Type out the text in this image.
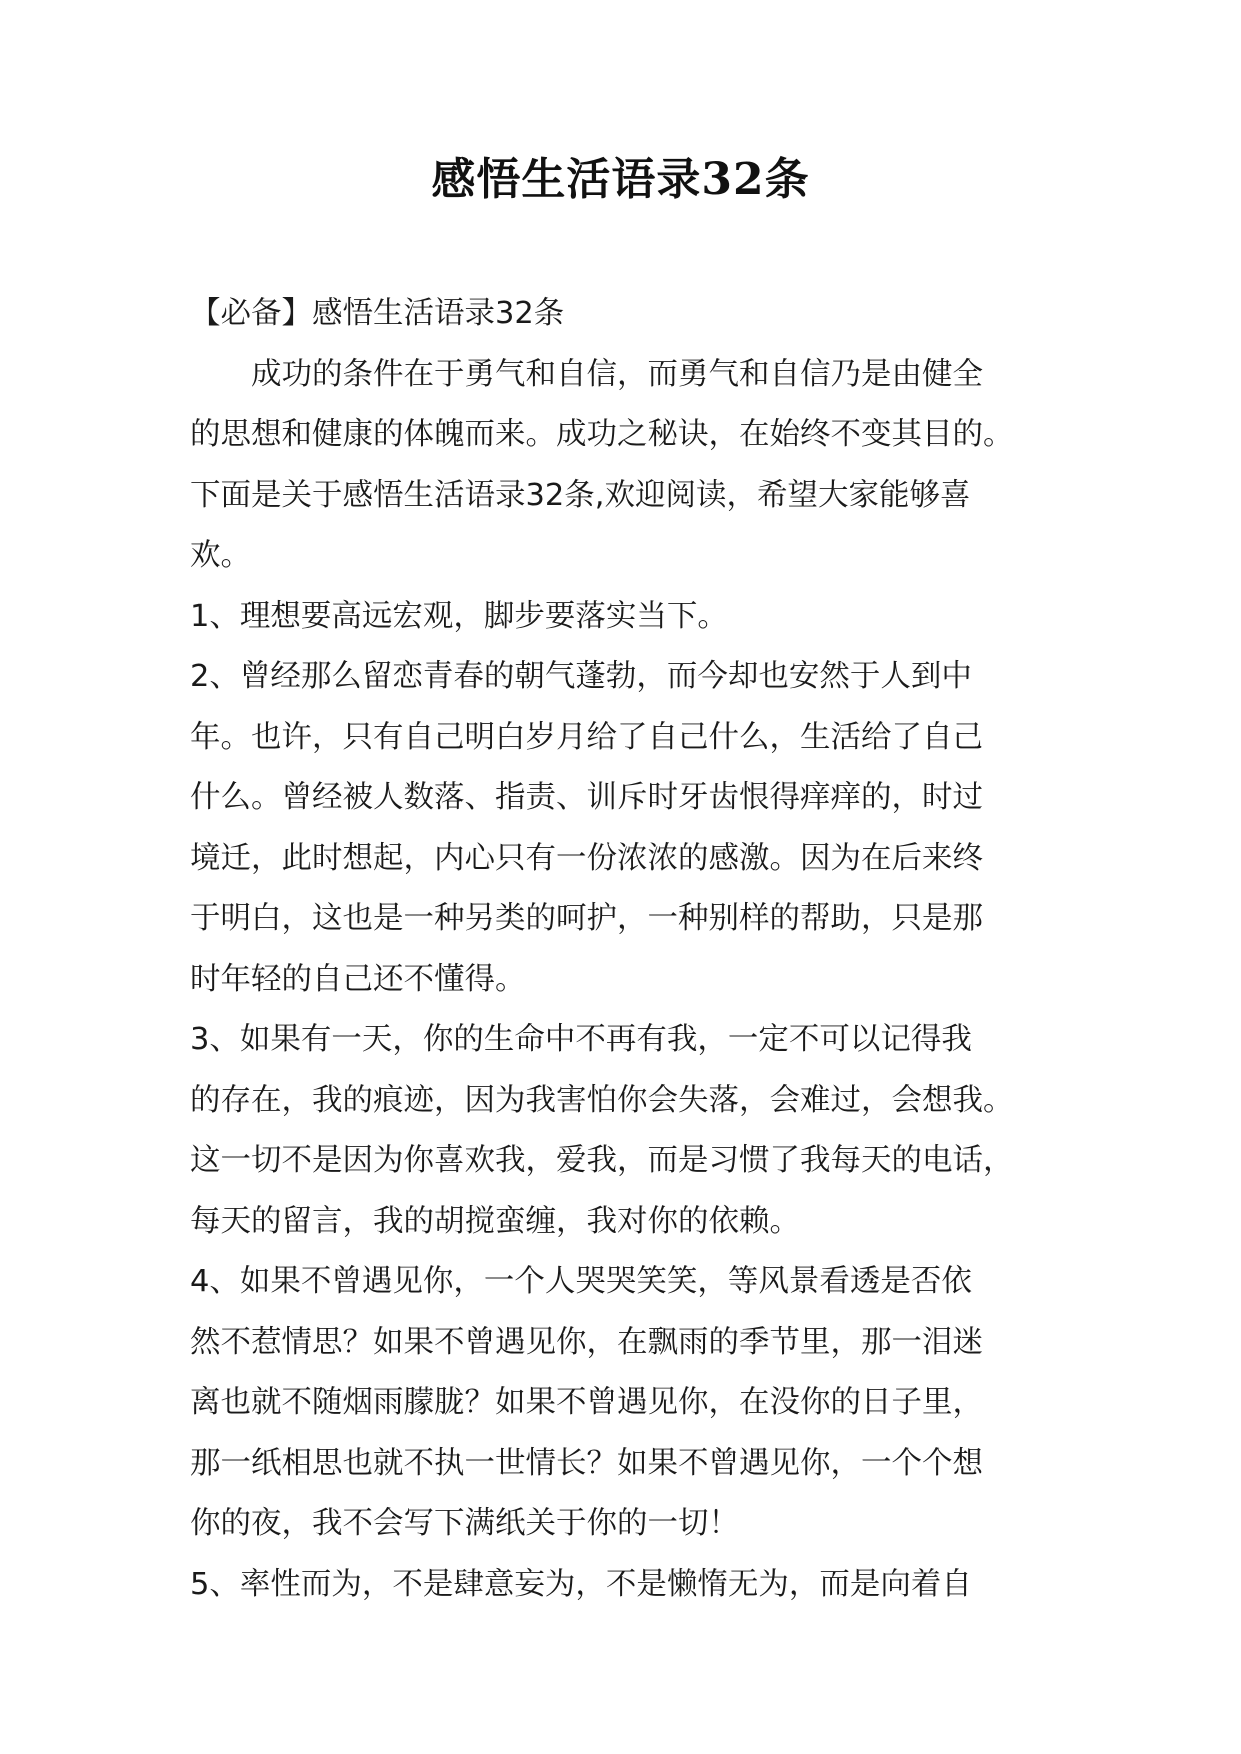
感悟生活语录32条
【必备】感悟生活语录32条
成功的条件在于勇气和自信，而勇气和自信乃是由健全
的思想和健康的体魄而来。成功之秘诀，在始终不变其目的。
下面是关于感悟生活语录32条,欢迎阅读，希望大家能够喜
欢。
1、理想要高远宏观，脚步要落实当下。
2、曾经那么留恋青春的朝气蓬勃，而今却也安然于人到中
年。也许，只有自己明白岁月给了自己什么，生活给了自己
什么。曾经被人数落、指责、训斥时牙齿恨得痒痒的，时过
境迁，此时想起，内心只有一份浓浓的感激。因为在后来终
于明白，这也是一种另类的呵护，一种别样的帮助，只是那
时年轻的自己还不懂得。
3、如果有一天，你的生命中不再有我，一定不可以记得我
的存在，我的痕迹，因为我害怕你会失落，会难过，会想我。
这一切不是因为你喜欢我，爱我，而是习惯了我每天的电话，
每天的留言，我的胡搅蛮缠，我对你的依赖。
4、如果不曾遇见你，一个人哭哭笑笑，等风景看透是否依
然不惹情思？如果不曾遇见你，在飘雨的季节里，那一泪迷
离也就不随烟雨朦胧？如果不曾遇见你，在没你的日子里，
那一纸相思也就不执一世情长？如果不曾遇见你，一个个想
你的夜，我不会写下满纸关于你的一切！
5、率性而为，不是肆意妄为，不是懒惰无为，而是向着自
